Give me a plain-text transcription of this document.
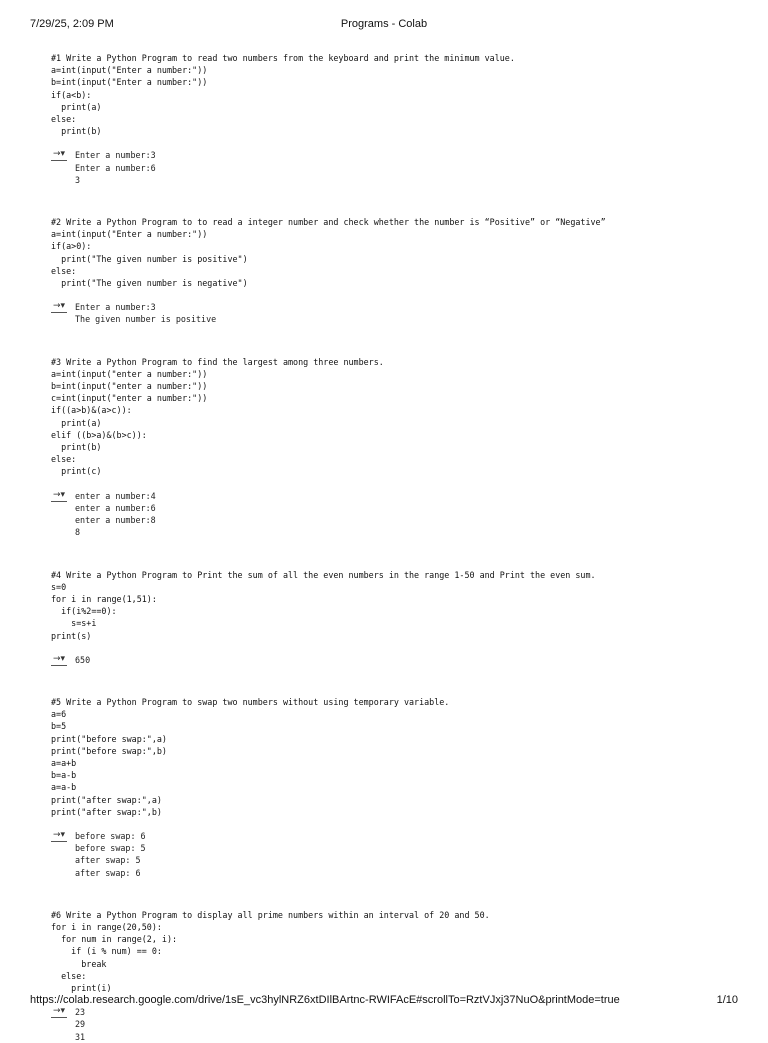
7/29/25, 2:09 PM	Programs - Colab
#1 Write a Python Program to read two numbers from the keyboard and print the minimum value.
a=int(input("Enter a number:"))
b=int(input("Enter a number:"))
if(a<b):
print(a)
else:
print(b)
→▾ Enter a number:3
Enter a number:6
3
#2 Write a Python Program to to read a integer number and check whether the number is “Positive” or “Negative”
a=int(input("Enter a number:"))
if(a>0):
print("The given number is positive")
else:
print("The given number is negative")
→▾ Enter a number:3
The given number is positive
#3 Write a Python Program to find the largest among three numbers.
a=int(input("enter a number:"))
b=int(input("enter a number:"))
c=int(input("enter a number:"))
if((a>b)&(a>c)):
print(a)
elif ((b>a)&(b>c)):
print(b)
else:
print(c)
→▾ enter a number:4
enter a number:6
enter a number:8
8
#4 Write a Python Program to Print the sum of all the even numbers in the range 1-50 and Print the even sum.
s=0
for i in range(1,51):
if(i%2==0):
s=s+i
print(s)
→▾ 650
#5 Write a Python Program to swap two numbers without using temporary variable.
a=6
b=5
print("before swap:",a)
print("before swap:",b)
a=a+b
b=a-b
a=a-b
print("after swap:",a)
print("after swap:",b)
→▾ before swap: 6
before swap: 5
after swap: 5
after swap: 6
#6 Write a Python Program to display all prime numbers within an interval of 20 and 50.
for i in range(20,50):
for num in range(2, i):
if (i % num) == 0:
break
else:
print(i)
→▾ 23
29
31
https://colab.research.google.com/drive/1sE_vc3hylNRZ6xtDIlBArtnc-RWIFAcE#scrollTo=RztVJxj37NuO&printMode=true	1/10
